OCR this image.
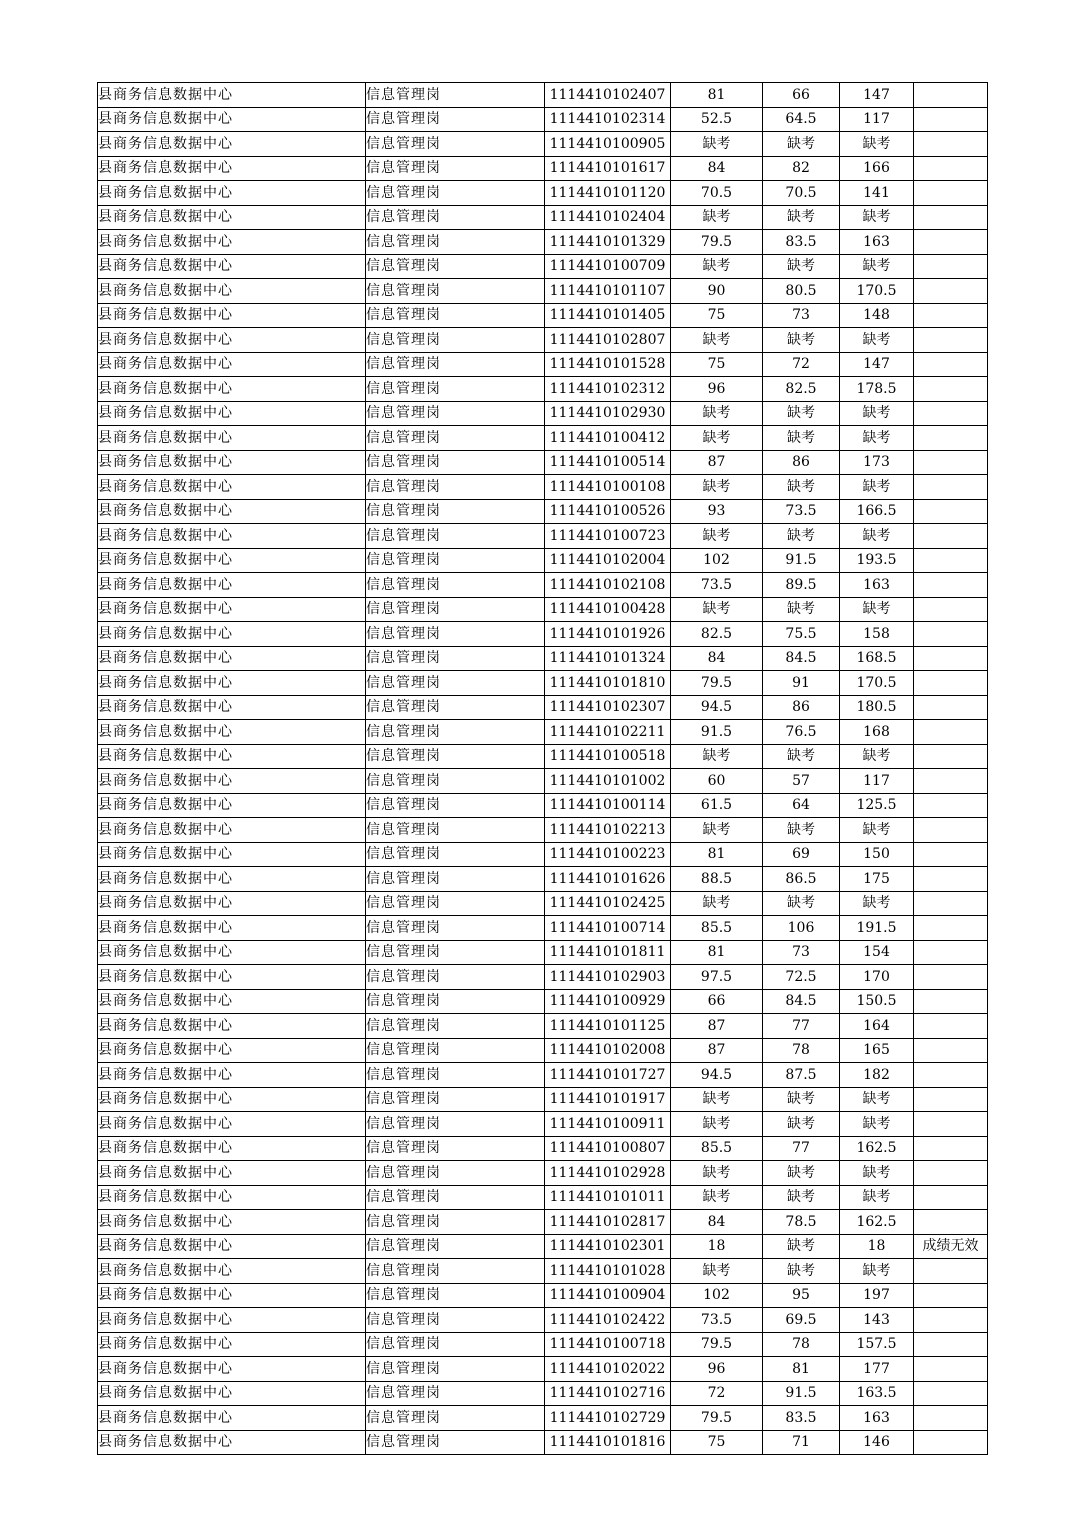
县商务信息数据中心	信息管理岗	1114410102407	81	66	147	
县商务信息数据中心	信息管理岗	1114410102314	52.5	64.5	117	
县商务信息数据中心	信息管理岗	1114410100905	缺考	缺考	缺考	
县商务信息数据中心	信息管理岗	1114410101617	84	82	166	
县商务信息数据中心	信息管理岗	1114410101120	70.5	70.5	141	
县商务信息数据中心	信息管理岗	1114410102404	缺考	缺考	缺考	
县商务信息数据中心	信息管理岗	1114410101329	79.5	83.5	163	
县商务信息数据中心	信息管理岗	1114410100709	缺考	缺考	缺考	
县商务信息数据中心	信息管理岗	1114410101107	90	80.5	170.5	
县商务信息数据中心	信息管理岗	1114410101405	75	73	148	
县商务信息数据中心	信息管理岗	1114410102807	缺考	缺考	缺考	
县商务信息数据中心	信息管理岗	1114410101528	75	72	147	
县商务信息数据中心	信息管理岗	1114410102312	96	82.5	178.5	
县商务信息数据中心	信息管理岗	1114410102930	缺考	缺考	缺考	
县商务信息数据中心	信息管理岗	1114410100412	缺考	缺考	缺考	
县商务信息数据中心	信息管理岗	1114410100514	87	86	173	
县商务信息数据中心	信息管理岗	1114410100108	缺考	缺考	缺考	
县商务信息数据中心	信息管理岗	1114410100526	93	73.5	166.5	
县商务信息数据中心	信息管理岗	1114410100723	缺考	缺考	缺考	
县商务信息数据中心	信息管理岗	1114410102004	102	91.5	193.5	
县商务信息数据中心	信息管理岗	1114410102108	73.5	89.5	163	
县商务信息数据中心	信息管理岗	1114410100428	缺考	缺考	缺考	
县商务信息数据中心	信息管理岗	1114410101926	82.5	75.5	158	
县商务信息数据中心	信息管理岗	1114410101324	84	84.5	168.5	
县商务信息数据中心	信息管理岗	1114410101810	79.5	91	170.5	
县商务信息数据中心	信息管理岗	1114410102307	94.5	86	180.5	
县商务信息数据中心	信息管理岗	1114410102211	91.5	76.5	168	
县商务信息数据中心	信息管理岗	1114410100518	缺考	缺考	缺考	
县商务信息数据中心	信息管理岗	1114410101002	60	57	117	
县商务信息数据中心	信息管理岗	1114410100114	61.5	64	125.5	
县商务信息数据中心	信息管理岗	1114410102213	缺考	缺考	缺考	
县商务信息数据中心	信息管理岗	1114410100223	81	69	150	
县商务信息数据中心	信息管理岗	1114410101626	88.5	86.5	175	
县商务信息数据中心	信息管理岗	1114410102425	缺考	缺考	缺考	
县商务信息数据中心	信息管理岗	1114410100714	85.5	106	191.5	
县商务信息数据中心	信息管理岗	1114410101811	81	73	154	
县商务信息数据中心	信息管理岗	1114410102903	97.5	72.5	170	
县商务信息数据中心	信息管理岗	1114410100929	66	84.5	150.5	
县商务信息数据中心	信息管理岗	1114410101125	87	77	164	
县商务信息数据中心	信息管理岗	1114410102008	87	78	165	
县商务信息数据中心	信息管理岗	1114410101727	94.5	87.5	182	
县商务信息数据中心	信息管理岗	1114410101917	缺考	缺考	缺考	
县商务信息数据中心	信息管理岗	1114410100911	缺考	缺考	缺考	
县商务信息数据中心	信息管理岗	1114410100807	85.5	77	162.5	
县商务信息数据中心	信息管理岗	1114410102928	缺考	缺考	缺考	
县商务信息数据中心	信息管理岗	1114410101011	缺考	缺考	缺考	
县商务信息数据中心	信息管理岗	1114410102817	84	78.5	162.5	
县商务信息数据中心	信息管理岗	1114410102301	18	缺考	18	成绩无效
县商务信息数据中心	信息管理岗	1114410101028	缺考	缺考	缺考	
县商务信息数据中心	信息管理岗	1114410100904	102	95	197	
县商务信息数据中心	信息管理岗	1114410102422	73.5	69.5	143	
县商务信息数据中心	信息管理岗	1114410100718	79.5	78	157.5	
县商务信息数据中心	信息管理岗	1114410102022	96	81	177	
县商务信息数据中心	信息管理岗	1114410102716	72	91.5	163.5	
县商务信息数据中心	信息管理岗	1114410102729	79.5	83.5	163	
县商务信息数据中心	信息管理岗	1114410101816	75	71	146	
